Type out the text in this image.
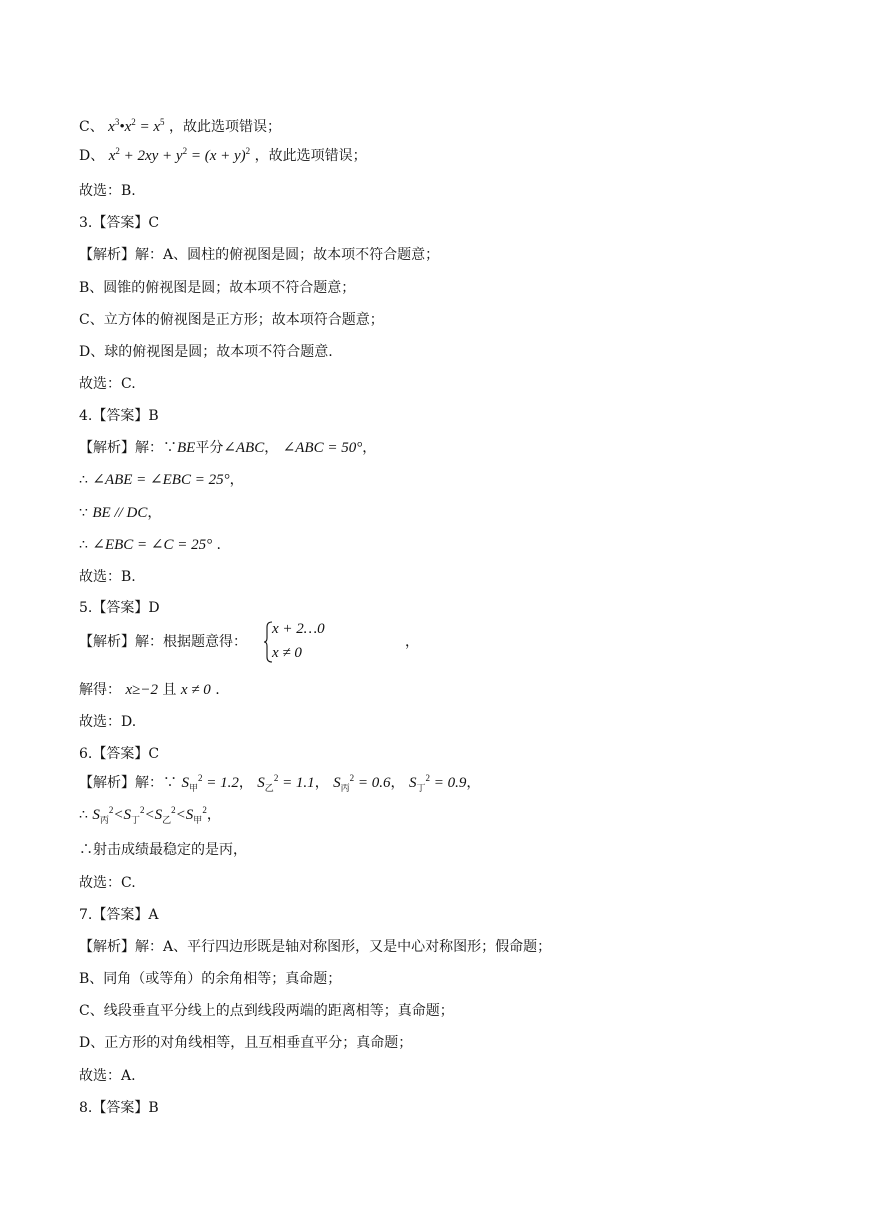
C、 $x^3•x^2 = x^5$ ，故此选项错误；
D、 $x^2 + 2xy + y^2 = (x + y)^2$ ，故此选项错误；
故选：B.
3.【答案】C
【解析】解：A、圆柱的俯视图是圆；故本项不符合题意；
B、圆锥的俯视图是圆；故本项不符合题意；
C、立方体的俯视图是正方形；故本项符合题意；
D、球的俯视图是圆；故本项不符合题意.
故选：C.
4.【答案】B
【解析】解：∵BE平分∠ABC， ∠ABC = 50°，
∴ ∠ABE = ∠EBC = 25°，
∵ BE // DC，
∴ ∠EBC = ∠C = 25° .
故选：B.
5.【答案】D
【解析】解：根据题意得：
x + 2…0
x ≠ 0
，
解得： x≥−2 且 x ≠ 0 .
故选：D.
6.【答案】C
【解析】解：∵ $S_甲^2 = 1.2$， $S_乙^2 = 1.1$， $S_丙^2 = 0.6$， $S_丁^2 = 0.9$，
∴ $S_丙^2<S_丁^2<S_乙^2<S_甲^2$，
∴射击成绩最稳定的是丙，
故选：C.
7.【答案】A
【解析】解：A、平行四边形既是轴对称图形，又是中心对称图形；假命题；
B、同角（或等角）的余角相等；真命题；
C、线段垂直平分线上的点到线段两端的距离相等；真命题；
D、正方形的对角线相等，且互相垂直平分；真命题；
故选：A.
8.【答案】B
